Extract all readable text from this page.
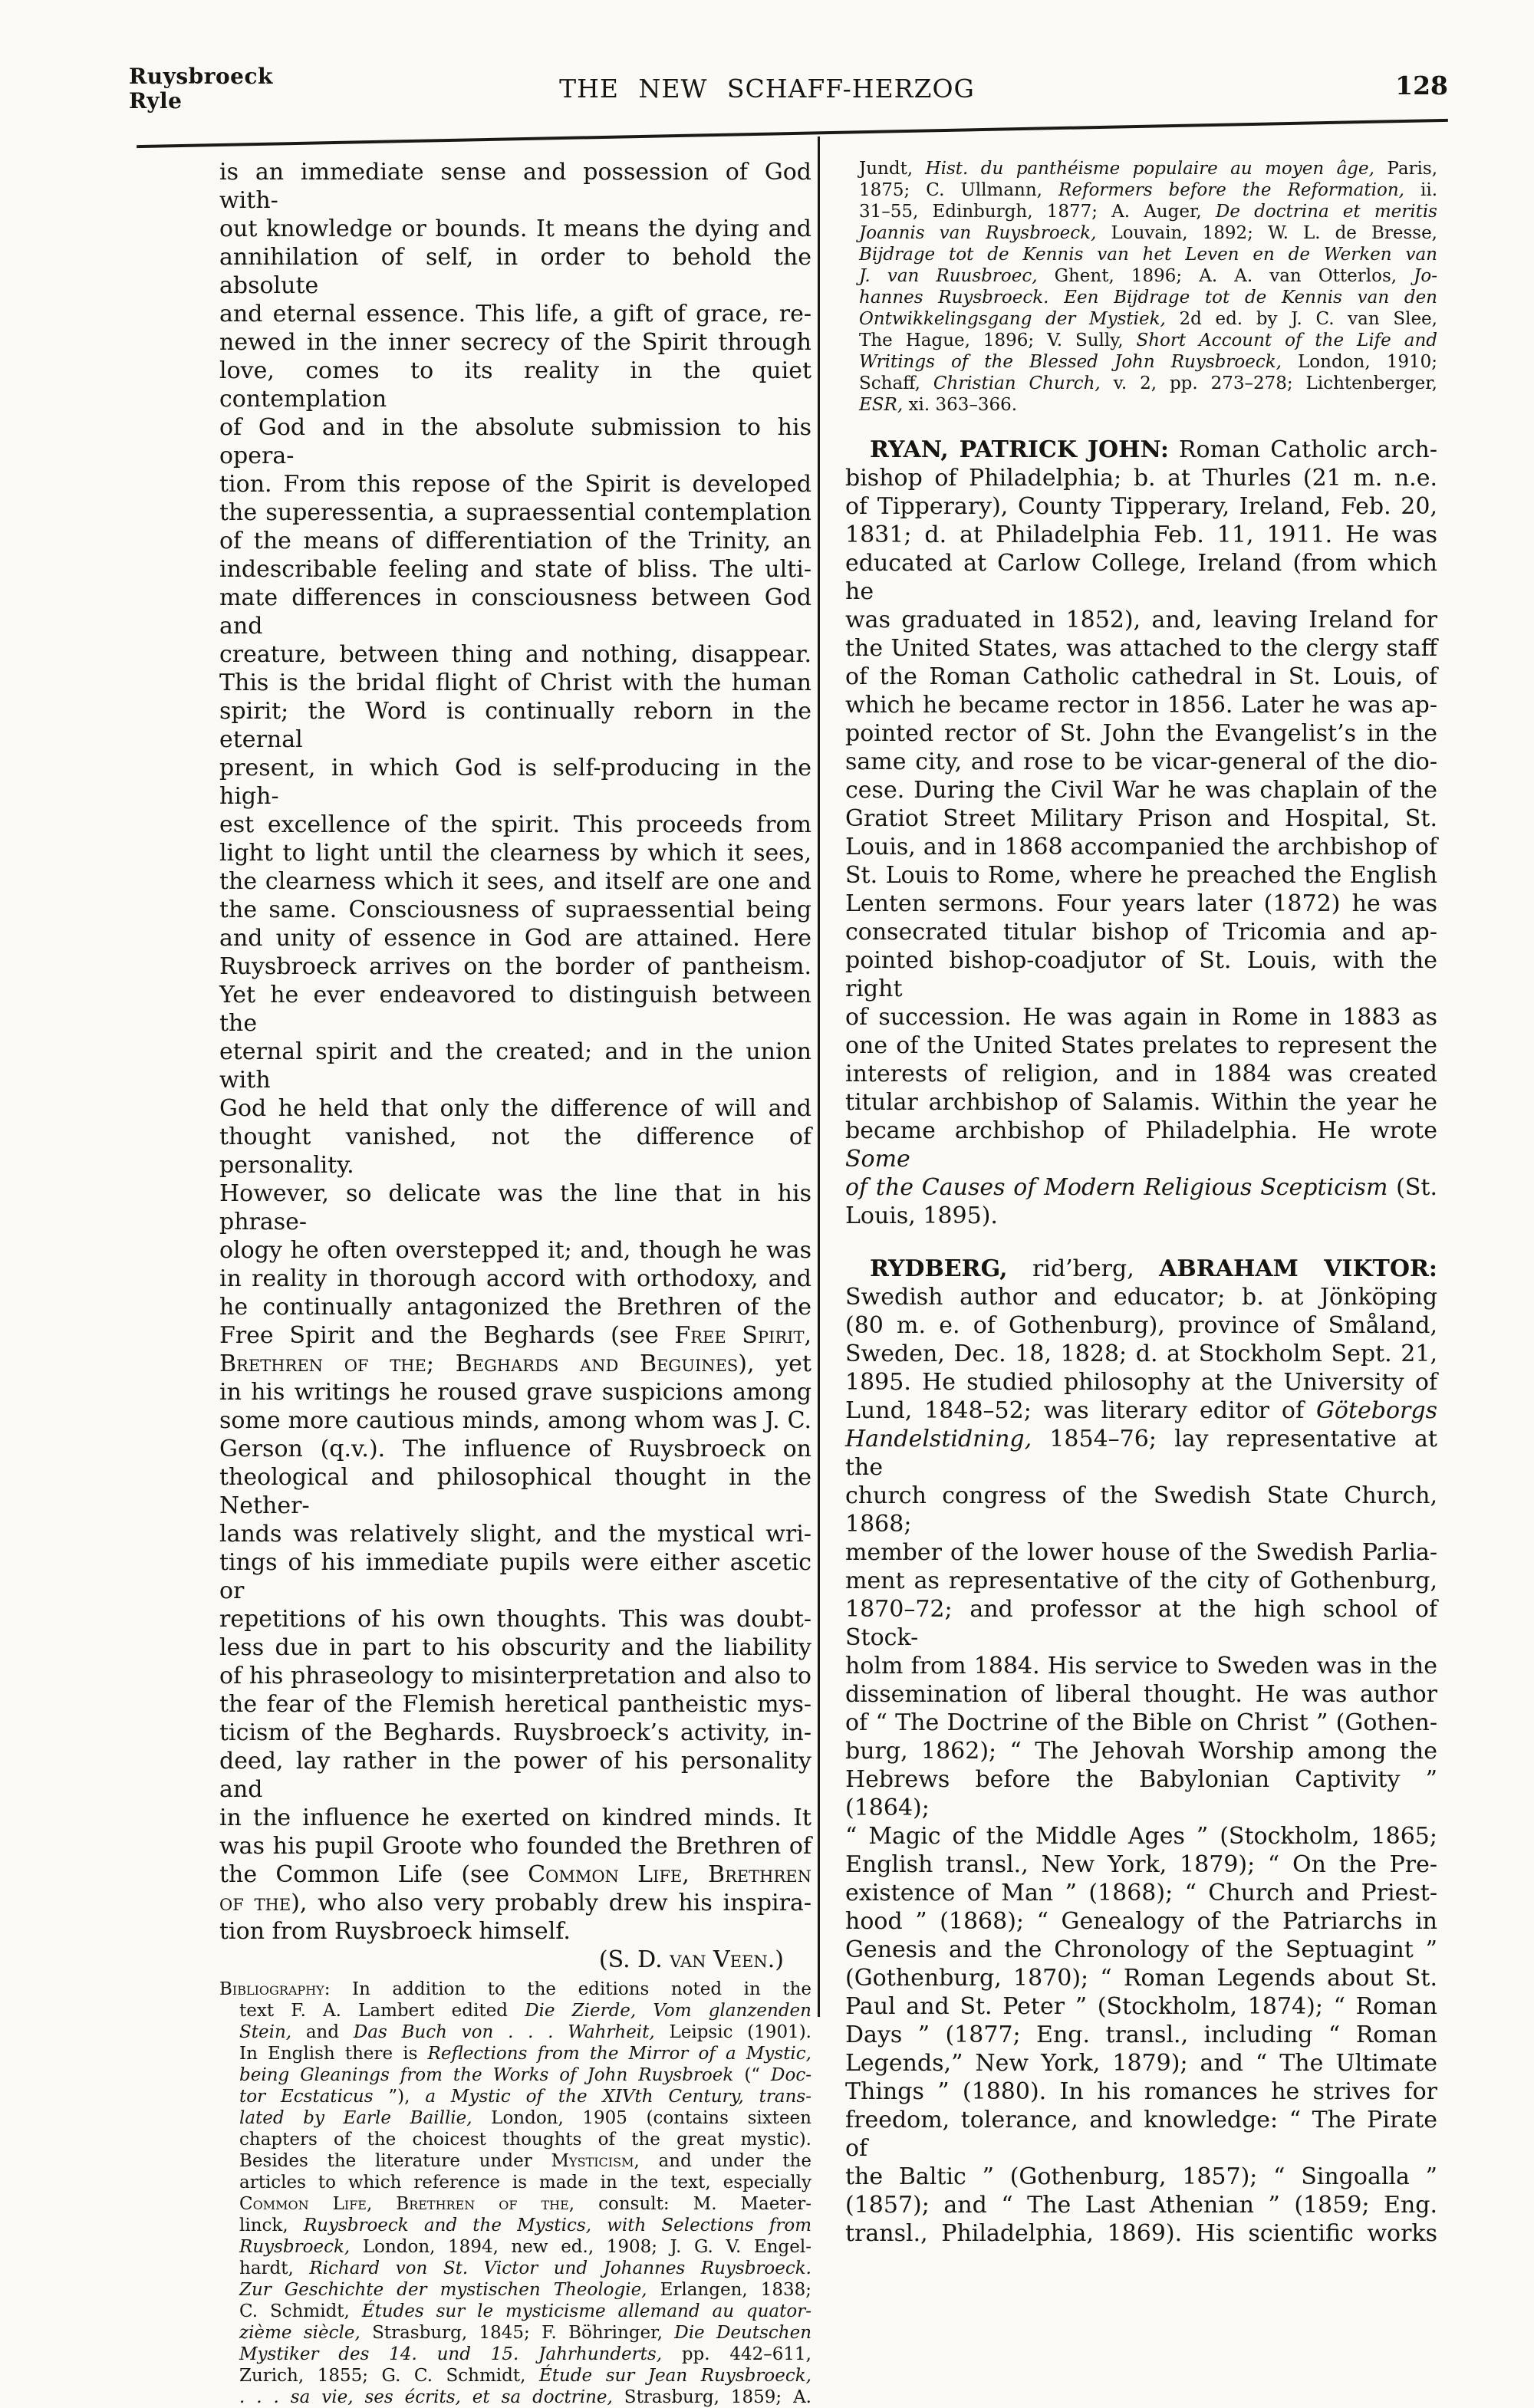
Ruysbroeck
Ryle	THE NEW SCHAFF-HERZOG	128
is an immediate sense and possession of God with-
out knowledge or bounds. It means the dying and
annihilation of self, in order to behold the absolute
and eternal essence. This life, a gift of grace, re-
newed in the inner secrecy of the Spirit through
love, comes to its reality in the quiet contemplation
of God and in the absolute submission to his opera-
tion. From this repose of the Spirit is developed
the superessentia, a supraessential contemplation
of the means of differentiation of the Trinity, an
indescribable feeling and state of bliss. The ulti-
mate differences in consciousness between God and
creature, between thing and nothing, disappear.
This is the bridal flight of Christ with the human
spirit; the Word is continually reborn in the eternal
present, in which God is self-producing in the high-
est excellence of the spirit. This proceeds from
light to light until the clearness by which it sees,
the clearness which it sees, and itself are one and
the same. Consciousness of supraessential being
and unity of essence in God are attained. Here
Ruysbroeck arrives on the border of pantheism.
Yet he ever endeavored to distinguish between the
eternal spirit and the created; and in the union with
God he held that only the difference of will and
thought vanished, not the difference of personality.
However, so delicate was the line that in his phrase-
ology he often overstepped it; and, though he was
in reality in thorough accord with orthodoxy, and
he continually antagonized the Brethren of the
Free Spirit and the Beghards (see Free Spirit,
Brethren of the; Beghards and Beguines), yet
in his writings he roused grave suspicions among
some more cautious minds, among whom was J. C.
Gerson (q.v.). The influence of Ruysbroeck on
theological and philosophical thought in the Nether-
lands was relatively slight, and the mystical wri-
tings of his immediate pupils were either ascetic or
repetitions of his own thoughts. This was doubt-
less due in part to his obscurity and the liability
of his phraseology to misinterpretation and also to
the fear of the Flemish heretical pantheistic mys-
ticism of the Beghards. Ruysbroeck’s activity, in-
deed, lay rather in the power of his personality and
in the influence he exerted on kindred minds. It
was his pupil Groote who founded the Brethren of
the Common Life (see Common Life, Brethren
of the), who also very probably drew his inspira-
tion from Ruysbroeck himself.
(S. D. van Veen.)
Bibliography: In addition to the editions noted in the
text F. A. Lambert edited Die Zierde, Vom glanzenden
Stein, and Das Buch von . . . Wahrheit, Leipsic (1901).
In English there is Reflections from the Mirror of a Mystic,
being Gleanings from the Works of John Ruysbroek (“ Doc-
tor Ecstaticus ”), a Mystic of the XIVth Century, trans-
lated by Earle Baillie, London, 1905 (contains sixteen
chapters of the choicest thoughts of the great mystic).
Besides the literature under Mysticism, and under the
articles to which reference is made in the text, especially
Common Life, Brethren of the, consult: M. Maeter-
linck, Ruysbroeck and the Mystics, with Selections from
Ruysbroeck, London, 1894, new ed., 1908; J. G. V. Engel-
hardt, Richard von St. Victor und Johannes Ruysbroeck.
Zur Geschichte der mystischen Theologie, Erlangen, 1838;
C. Schmidt, Études sur le mysticisme allemand au quator-
zième siècle, Strasburg, 1845; F. Böhringer, Die Deutschen
Mystiker des 14. und 15. Jahrhunderts, pp. 442–611,
Zurich, 1855; G. C. Schmidt, Étude sur Jean Ruysbroeck,
. . . sa vie, ses écrits, et sa doctrine, Strasburg, 1859; A.
Jundt, Hist. du panthéisme populaire au moyen âge, Paris,
1875; C. Ullmann, Reformers before the Reformation, ii.
31–55, Edinburgh, 1877; A. Auger, De doctrina et meritis
Joannis van Ruysbroeck, Louvain, 1892; W. L. de Bresse,
Bijdrage tot de Kennis van het Leven en de Werken van
J. van Ruusbroec, Ghent, 1896; A. A. van Otterlos, Jo-
hannes Ruysbroeck. Een Bijdrage tot de Kennis van den
Ontwikkelingsgang der Mystiek, 2d ed. by J. C. van Slee,
The Hague, 1896; V. Sully, Short Account of the Life and
Writings of the Blessed John Ruysbroeck, London, 1910;
Schaff, Christian Church, v. 2, pp. 273–278; Lichtenberger,
ESR, xi. 363–366.
RYAN, PATRICK JOHN: Roman Catholic arch-
bishop of Philadelphia; b. at Thurles (21 m. n.e.
of Tipperary), County Tipperary, Ireland, Feb. 20,
1831; d. at Philadelphia Feb. 11, 1911. He was
educated at Carlow College, Ireland (from which he
was graduated in 1852), and, leaving Ireland for
the United States, was attached to the clergy staff
of the Roman Catholic cathedral in St. Louis, of
which he became rector in 1856. Later he was ap-
pointed rector of St. John the Evangelist’s in the
same city, and rose to be vicar-general of the dio-
cese. During the Civil War he was chaplain of the
Gratiot Street Military Prison and Hospital, St.
Louis, and in 1868 accompanied the archbishop of
St. Louis to Rome, where he preached the English
Lenten sermons. Four years later (1872) he was
consecrated titular bishop of Tricomia and ap-
pointed bishop-coadjutor of St. Louis, with the right
of succession. He was again in Rome in 1883 as
one of the United States prelates to represent the
interests of religion, and in 1884 was created
titular archbishop of Salamis. Within the year he
became archbishop of Philadelphia. He wrote Some
of the Causes of Modern Religious Scepticism (St.
Louis, 1895).
RYDBERG, rid’berg, ABRAHAM VIKTOR:
Swedish author and educator; b. at Jönköping
(80 m. e. of Gothenburg), province of Småland,
Sweden, Dec. 18, 1828; d. at Stockholm Sept. 21,
1895. He studied philosophy at the University of
Lund, 1848–52; was literary editor of Göteborgs
Handelstidning, 1854–76; lay representative at the
church congress of the Swedish State Church, 1868;
member of the lower house of the Swedish Parlia-
ment as representative of the city of Gothenburg,
1870–72; and professor at the high school of Stock-
holm from 1884. His service to Sweden was in the
dissemination of liberal thought. He was author
of “ The Doctrine of the Bible on Christ ” (Gothen-
burg, 1862); “ The Jehovah Worship among the
Hebrews before the Babylonian Captivity ” (1864);
“ Magic of the Middle Ages ” (Stockholm, 1865;
English transl., New York, 1879); “ On the Pre-
existence of Man ” (1868); “ Church and Priest-
hood ” (1868); “ Genealogy of the Patriarchs in
Genesis and the Chronology of the Septuagint ”
(Gothenburg, 1870); “ Roman Legends about St.
Paul and St. Peter ” (Stockholm, 1874); “ Roman
Days ” (1877; Eng. transl., including “ Roman
Legends,” New York, 1879); and “ The Ultimate
Things ” (1880). In his romances he strives for
freedom, tolerance, and knowledge: “ The Pirate of
the Baltic ” (Gothenburg, 1857); “ Singoalla ”
(1857); and “ The Last Athenian ” (1859; Eng.
transl., Philadelphia, 1869). His scientific works
